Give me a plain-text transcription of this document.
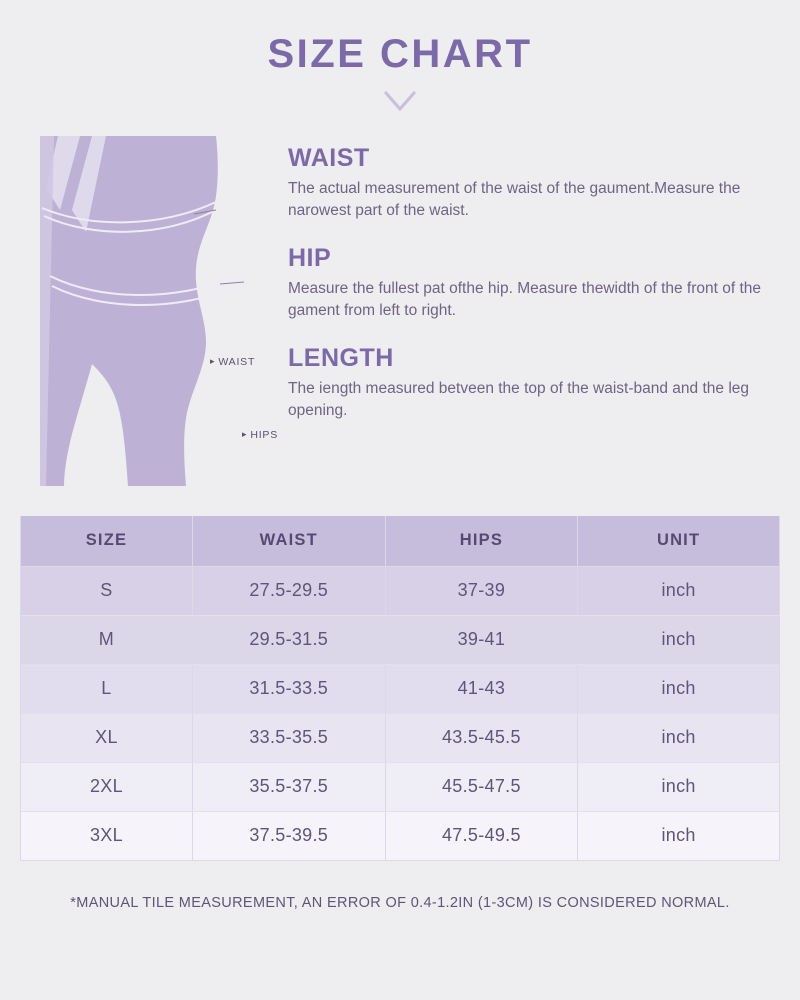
SIZE CHART
▸ WAIST
▸ HIPS
WAIST
The actual measurement of the waist of the gaument.Measure the narowest part of the waist.
HIP
Measure the fullest pat ofthe hip. Measure thewidth of the front of the gament from left to right.
LENGTH
The iength measured betveen the top of the waist-band and the leg opening.
SIZE	WAIST	HIPS	UNIT
S	27.5-29.5	37-39	inch
M	29.5-31.5	39-41	inch
L	31.5-33.5	41-43	inch
XL	33.5-35.5	43.5-45.5	inch
2XL	35.5-37.5	45.5-47.5	inch
3XL	37.5-39.5	47.5-49.5	inch
*MANUAL TILE MEASUREMENT, AN ERROR OF 0.4-1.2IN (1-3CM) IS CONSIDERED NORMAL.
